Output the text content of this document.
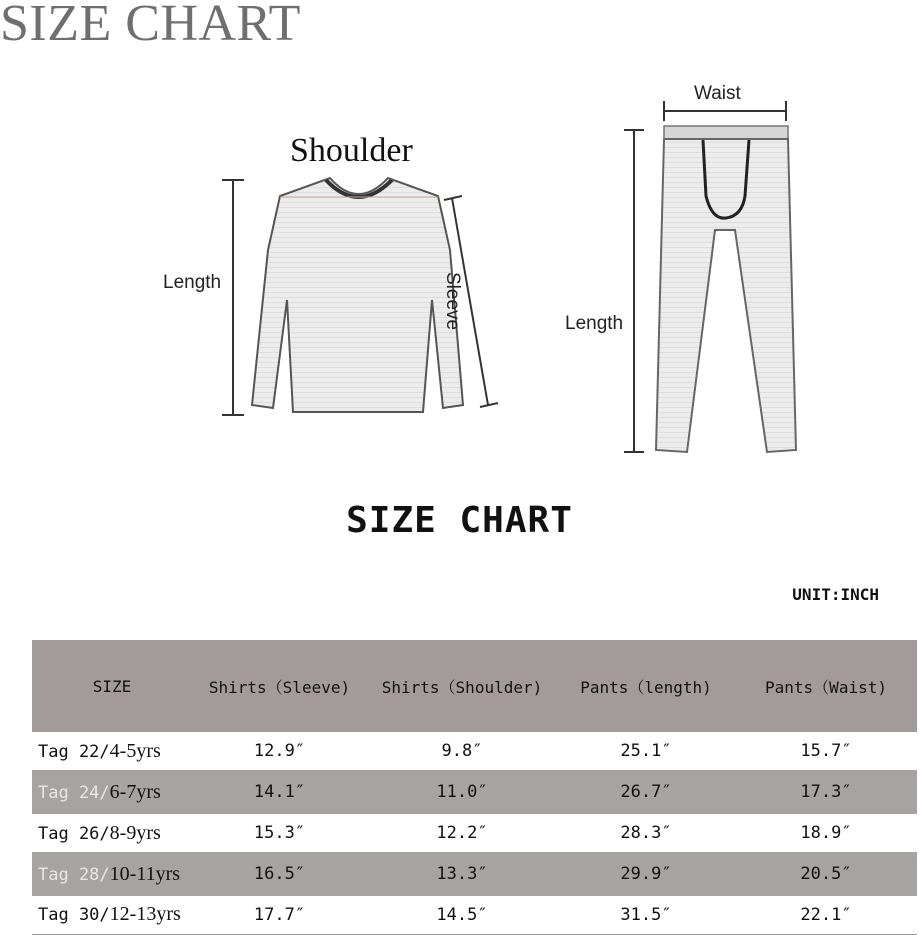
SIZE CHART
Shoulder
Length	Sleeve
Waist
Length
SIZE CHART
UNIT:INCH
SIZE	Shirts（Sleeve)	Shirts（Shoulder)	Pants（length)	Pants（Waist)
Tag 22/4-5yrs	12.9″	9.8″	25.1″	15.7″
Tag 24/6-7yrs	14.1″	11.0″	26.7″	17.3″
Tag 26/8-9yrs	15.3″	12.2″	28.3″	18.9″
Tag 28/10-11yrs	16.5″	13.3″	29.9″	20.5″
Tag 30/12-13yrs	17.7″	14.5″	31.5″	22.1″
